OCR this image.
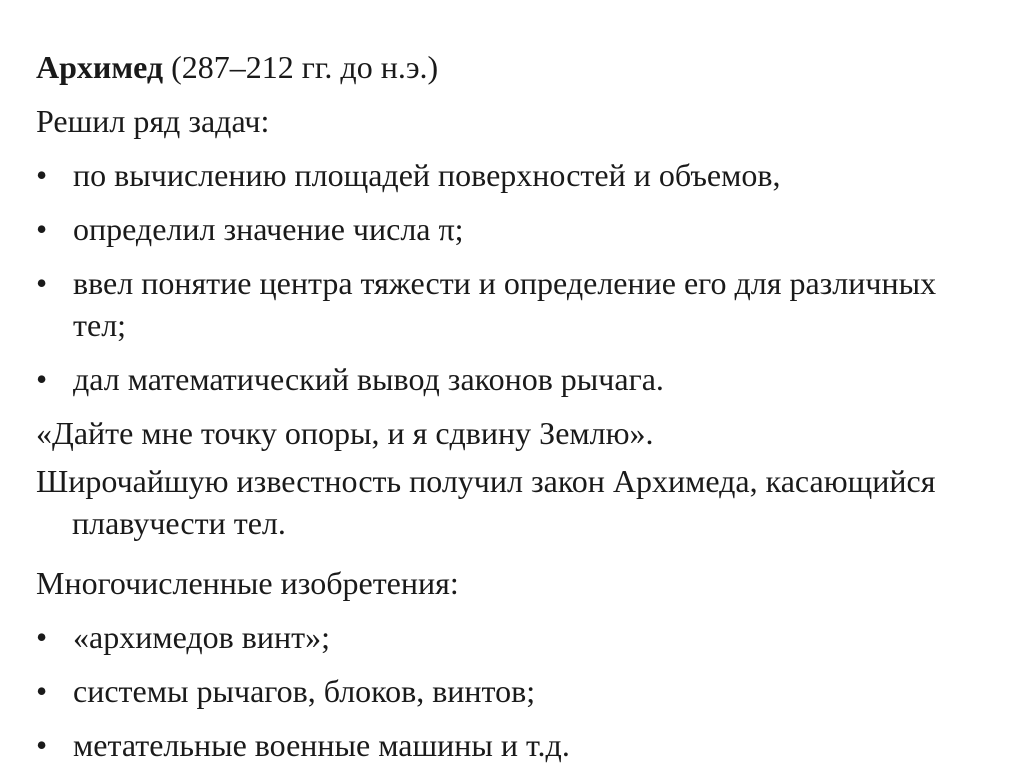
Архимед (287–212 гг. до н.э.)
Решил ряд задач:
• по вычислению площадей поверхностей и объемов,
• определил значение числа π;
• ввел понятие центра тяжести и определение его для различных тел;
• дал математический вывод законов рычага.
«Дайте мне точку опоры, и я сдвину Землю».
Широчайшую известность получил закон Архимеда, касающийся плавучести тел.
Многочисленные изобретения:
• «архимедов винт»;
• системы рычагов, блоков, винтов;
• метательные военные машины и т.д.
